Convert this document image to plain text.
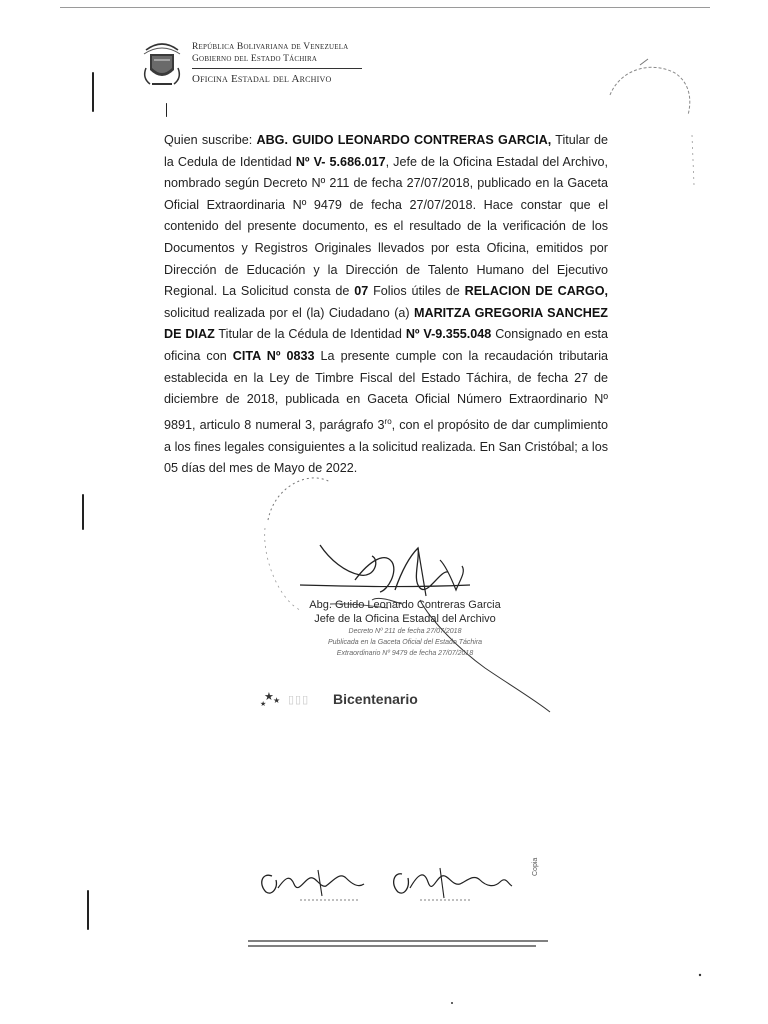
República Bolivariana de Venezuela
Gobierno del Estado Táchira
Oficina Estadal del Archivo
Quien suscribe: ABG. GUIDO LEONARDO CONTRERAS GARCIA, Titular de la Cedula de Identidad Nº V- 5.686.017, Jefe de la Oficina Estadal del Archivo, nombrado según Decreto Nº 211 de fecha 27/07/2018, publicado en la Gaceta Oficial Extraordinaria Nº 9479 de fecha 27/07/2018. Hace constar que el contenido del presente documento, es el resultado de la verificación de los Documentos y Registros Originales llevados por esta Oficina, emitidos por Dirección de Educación y la Dirección de Talento Humano del Ejecutivo Regional. La Solicitud consta de 07 Folios útiles de RELACION DE CARGO, solicitud realizada por el (la) Ciudadano (a) MARITZA GREGORIA SANCHEZ DE DIAZ Titular de la Cédula de Identidad Nº V-9.355.048 Consignado en esta oficina con CITA Nº 0833 La presente cumple con la recaudación tributaria establecida en la Ley de Timbre Fiscal del Estado Táchira, de fecha 27 de diciembre de 2018, publicada en Gaceta Oficial Número Extraordinario Nº 9891, articulo 8 numeral 3, parágrafo $3^{ro}$, con el propósito de dar cumplimiento a los fines legales consiguientes a la solicitud realizada. En San Cristóbal; a los 05 días del mes de Mayo de 2022.
Abg. Guido Leonardo Contreras Garcia
Jefe de la Oficina Estadal del Archivo
Decreto Nº 211 de fecha 27/07/2018
Publicada en la Gaceta Oficial del Estado Táchira
Extraordinario Nº 9479 de fecha 27/07/2018
★ ★
★ ▯▯▯ Bicentenario
Copia
